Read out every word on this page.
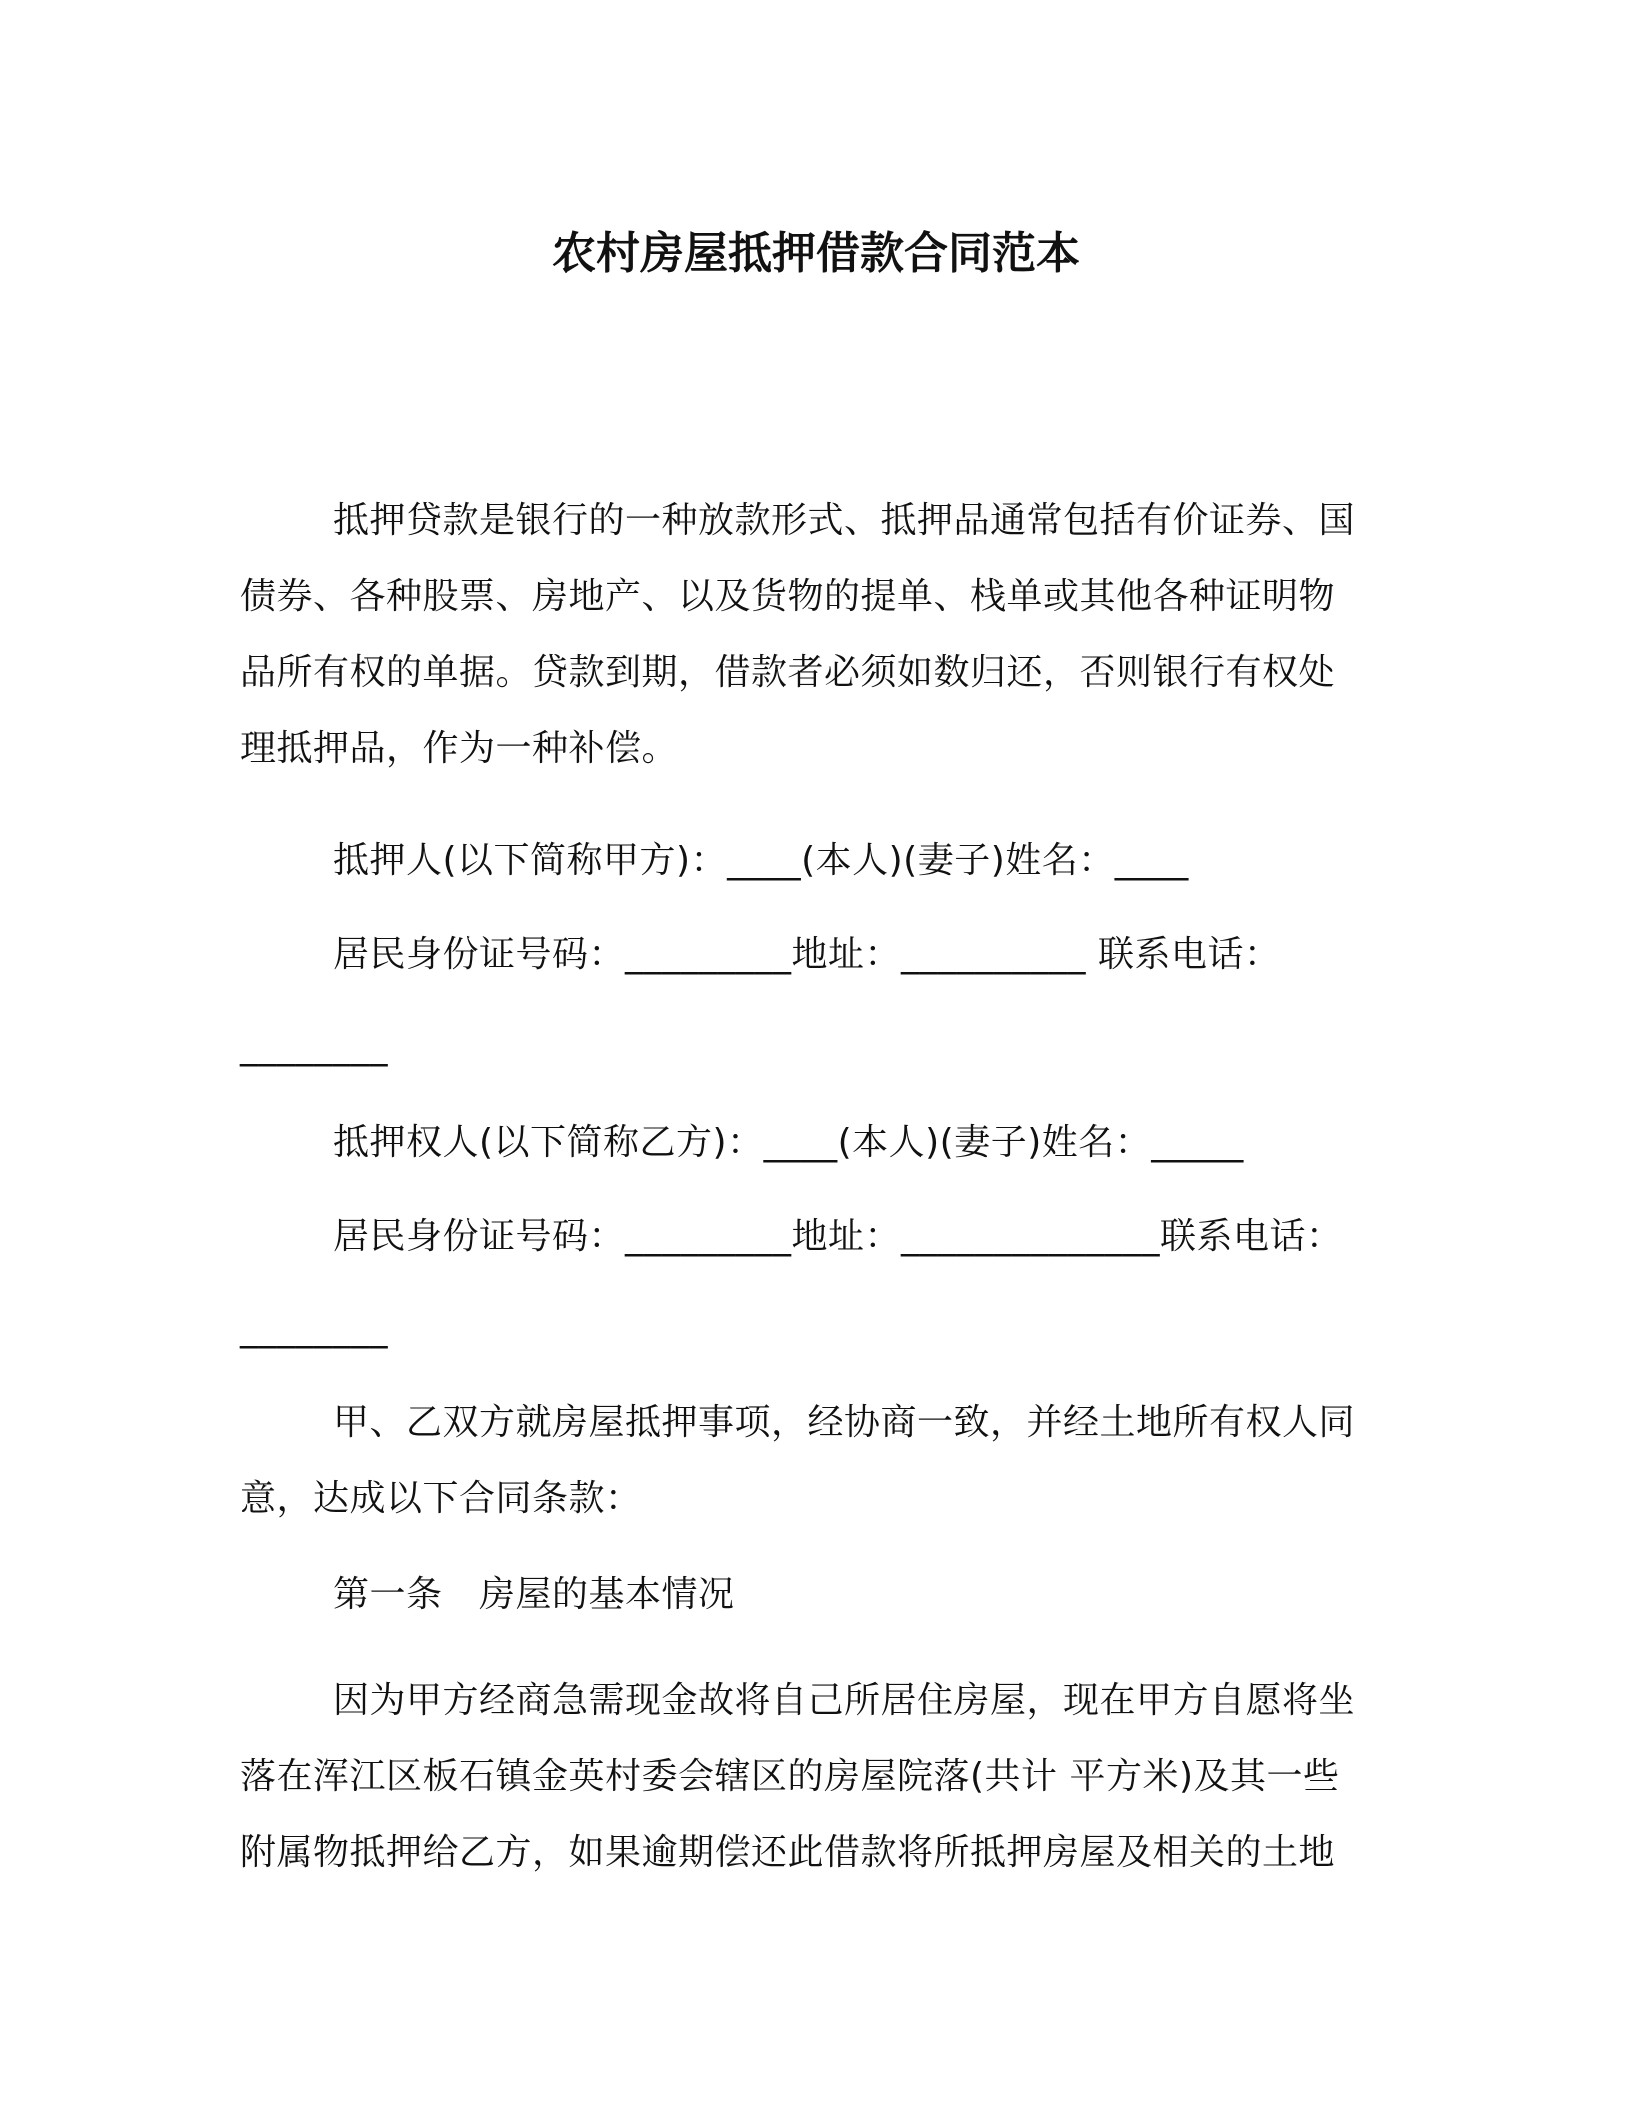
农村房屋抵押借款合同范本
抵押贷款是银行的一种放款形式、抵押品通常包括有价证券、国
债券、各种股票、房地产、以及货物的提单、栈单或其他各种证明物
品所有权的单据。贷款到期，借款者必须如数归还，否则银行有权处
理抵押品，作为一种补偿。
抵押人(以下简称甲方)：____(本人)(妻子)姓名：____
居民身份证号码：_________地址：__________ 联系电话：
________
抵押权人(以下简称乙方)：____(本人)(妻子)姓名：_____
居民身份证号码：_________地址：______________联系电话：
________
甲、乙双方就房屋抵押事项，经协商一致，并经土地所有权人同
意，达成以下合同条款：
第一条　房屋的基本情况
因为甲方经商急需现金故将自己所居住房屋，现在甲方自愿将坐
落在浑江区板石镇金英村委会辖区的房屋院落(共计 平方米)及其一些
附属物抵押给乙方，如果逾期偿还此借款将所抵押房屋及相关的土地
